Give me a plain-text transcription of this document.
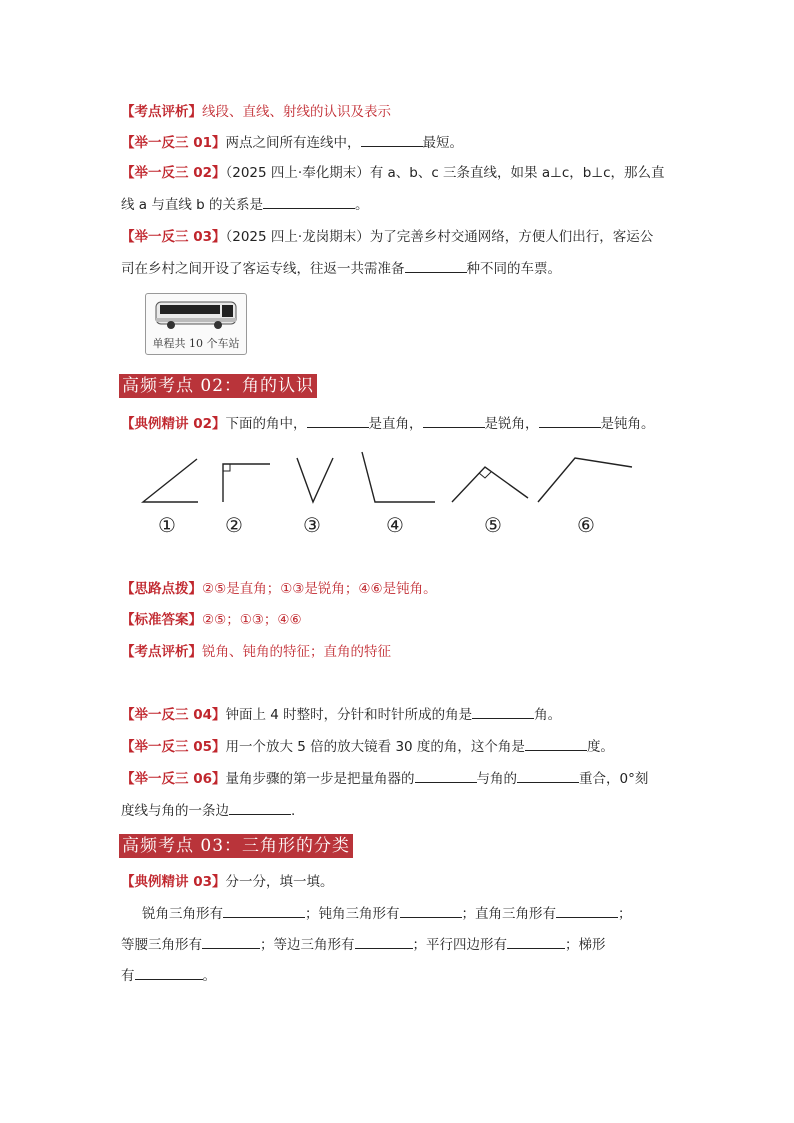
【考点评析】线段、直线、射线的认识及表示
【举一反三 01】两点之间所有连线中，	最短。
【举一反三 02】（2025 四上·奉化期末）有 a、b、c 三条直线，如果 a⊥c，b⊥c，那么直
线 a 与直线 b 的关系是	。
【举一反三 03】（2025 四上·龙岗期末）为了完善乡村交通网络，方便人们出行，客运公
司在乡村之间开设了客运专线，往返一共需准备	种不同的车票。
单程共 10 个车站
高频考点 02：角的认识
【典例精讲 02】下面的角中，	是直角，	是锐角，	是钝角。
① ②	③	④	⑤	⑥
【思路点拨】②⑤是直角；①③是锐角；④⑥是钝角。
【标准答案】②⑤；①③；④⑥
【考点评析】锐角、钝角的特征；直角的特征
【举一反三 04】钟面上 4 时整时，分针和时针所成的角是	角。
【举一反三 05】用一个放大 5 倍的放大镜看 30 度的角，这个角是	度。
【举一反三 06】量角步骤的第一步是把量角器的	与角的	重合，0°刻
度线与角的一条边	.
高频考点 03：三角形的分类
【典例精讲 03】分一分，填一填。
锐角三角形有	；钝角三角形有	；直角三角形有	；
等腰三角形有	；等边三角形有	；平行四边形有	；梯形
有	。
